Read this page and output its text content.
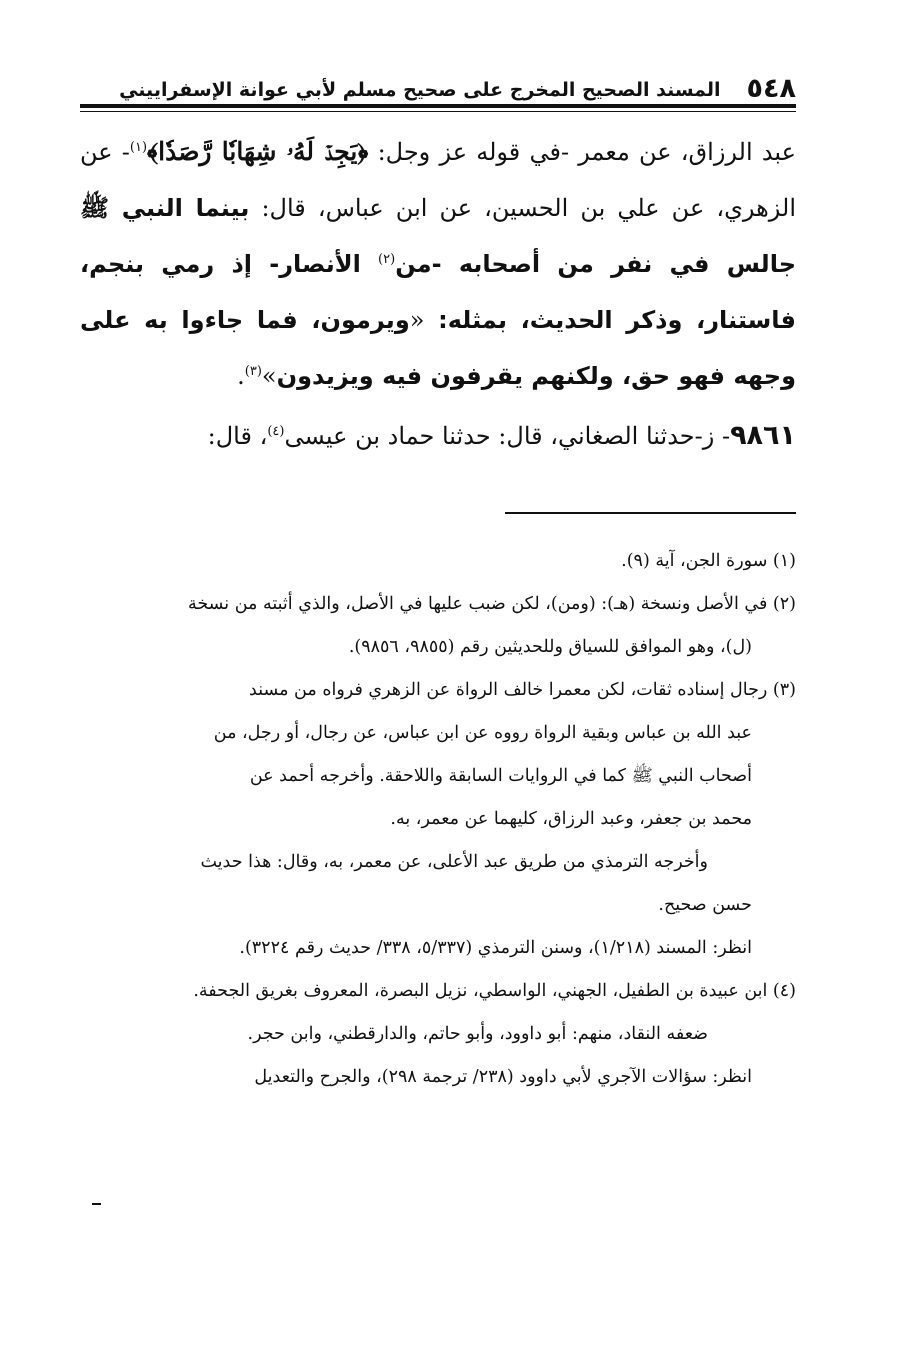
٥٤٨
المسند الصحيح المخرج على صحيح مسلم لأبي عوانة الإسفراييني

عبد الرزاق، عن معمر -في قوله عز وجل: ﴿يَجِدۡ لَهُۥ شِهَابٗا رَّصَدٗا﴾$^{(١)}$- عن الزهري، عن علي بن الحسين، عن ابن عباس، قال: بينما النبي ﷺ جالس في نفر من أصحابه -من$^{(٢)}$ الأنصار- إذ رمي بنجم، فاستنار، وذكر الحديث، بمثله: «ويرمون، فما جاءوا به على وجهه فهو حق، ولكنهم يقرفون فيه ويزيدون»$^{(٣)}$.

٩٨٦١- ز-حدثنا الصغاني، قال: حدثنا حماد بن عيسى$^{(٤)}$، قال:

(١) سورة الجن، آية (٩).

(٢) في الأصل ونسخة (هـ): (ومن)، لكن ضبب عليها في الأصل، والذي أثبته من نسخة

(ل)، وهو الموافق للسياق وللحديثين رقم (٩٨٥٥، ٩٨٥٦).

(٣) رجال إسناده ثقات، لكن معمرا خالف الرواة عن الزهري فرواه من مسند

عبد الله بن عباس وبقية الرواة رووه عن ابن عباس، عن رجال، أو رجل، من

أصحاب النبي ﷺ كما في الروايات السابقة واللاحقة. وأخرجه أحمد عن

محمد بن جعفر، وعبد الرزاق، كليهما عن معمر، به.

وأخرجه الترمذي من طريق عبد الأعلى، عن معمر، به، وقال: هذا حديث

حسن صحيح.

انظر: المسند (١/٢١٨)، وسنن الترمذي (٥/٣٣٧، ٣٣٨/ حديث رقم ٣٢٢٤).

(٤) ابن عبيدة بن الطفيل، الجهني، الواسطي، نزيل البصرة، المعروف بغريق الجحفة.

ضعفه النقاد، منهم: أبو داوود، وأبو حاتم، والدارقطني، وابن حجر.

انظر: سؤالات الآجري لأبي داوود (٢٣٨/ ترجمة ٢٩٨)، والجرح والتعديل
